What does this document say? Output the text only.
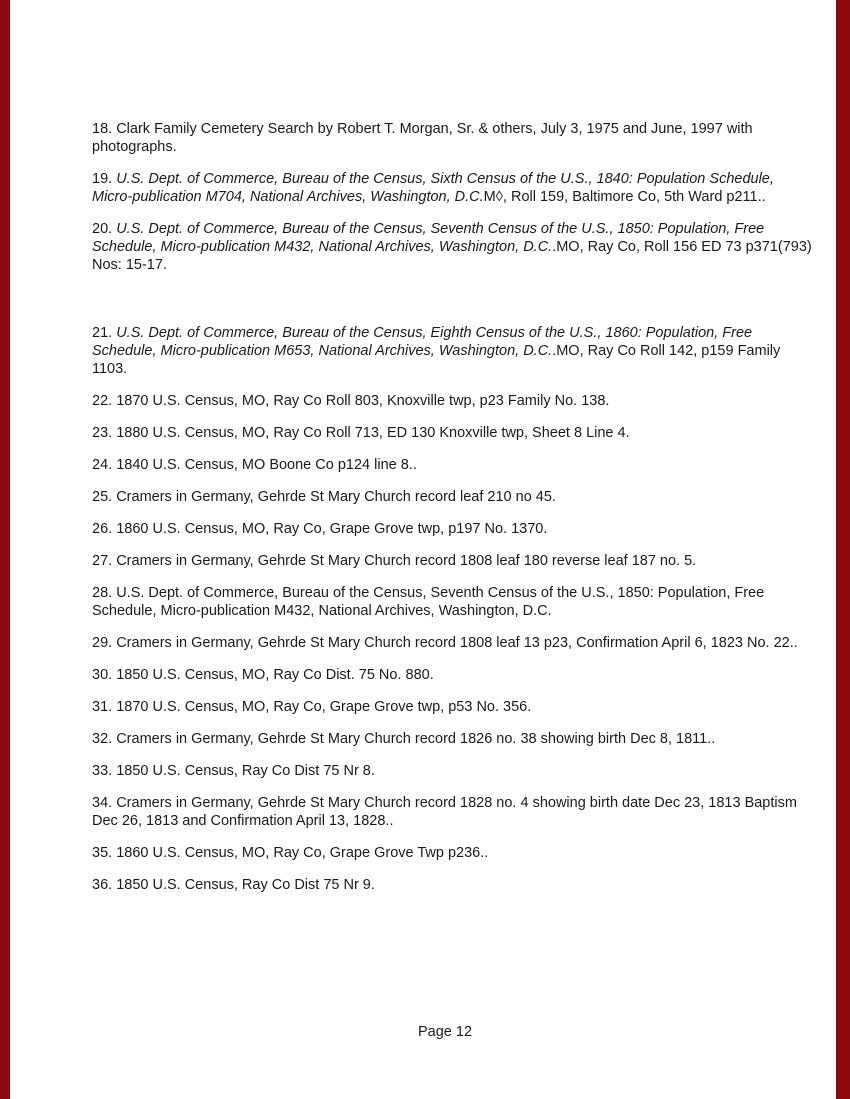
18. Clark Family Cemetery Search by Robert T. Morgan, Sr. & others, July 3, 1975 and June, 1997 with photographs.

19. U.S. Dept. of Commerce, Bureau of the Census, Sixth Census of the U.S., 1840: Population Schedule, Micro-publication M704, National Archives, Washington, D.C.M◊, Roll 159, Baltimore Co, 5th Ward p211..

20. U.S. Dept. of Commerce, Bureau of the Census, Seventh Census of the U.S., 1850: Population, Free Schedule, Micro-publication M432, National Archives, Washington, D.C..MO, Ray Co, Roll 156 ED 73 p371(793) Nos: 15-17.

21. U.S. Dept. of Commerce, Bureau of the Census, Eighth Census of the U.S., 1860: Population, Free Schedule, Micro-publication M653, National Archives, Washington, D.C..MO, Ray Co Roll 142, p159 Family 1103.

22. 1870 U.S. Census, MO, Ray Co Roll 803, Knoxville twp, p23 Family No. 138.

23. 1880 U.S. Census, MO, Ray Co Roll 713, ED 130 Knoxville twp, Sheet 8 Line 4.

24. 1840 U.S. Census, MO Boone Co p124 line 8..

25. Cramers in Germany, Gehrde St Mary Church record leaf 210 no 45.

26. 1860 U.S. Census, MO, Ray Co, Grape Grove twp, p197 No. 1370.

27. Cramers in Germany, Gehrde St Mary Church record 1808 leaf 180 reverse leaf 187 no. 5.

28. U.S. Dept. of Commerce, Bureau of the Census, Seventh Census of the U.S., 1850: Population, Free Schedule, Micro-publication M432, National Archives, Washington, D.C.

29. Cramers in Germany, Gehrde St Mary Church record 1808 leaf 13 p23, Confirmation April 6, 1823 No. 22..

30. 1850 U.S. Census, MO, Ray Co Dist. 75 No. 880.

31. 1870 U.S. Census, MO, Ray Co, Grape Grove twp, p53 No. 356.

32. Cramers in Germany, Gehrde St Mary Church record 1826 no. 38 showing birth Dec 8, 1811..

33. 1850 U.S. Census, Ray Co Dist 75 Nr 8.

34. Cramers in Germany, Gehrde St Mary Church record 1828 no. 4 showing birth date Dec 23, 1813 Baptism Dec 26, 1813 and Confirmation April 13, 1828..

35. 1860 U.S. Census, MO, Ray Co, Grape Grove Twp p236..

36. 1850 U.S. Census, Ray Co Dist 75 Nr 9.

Page 12
